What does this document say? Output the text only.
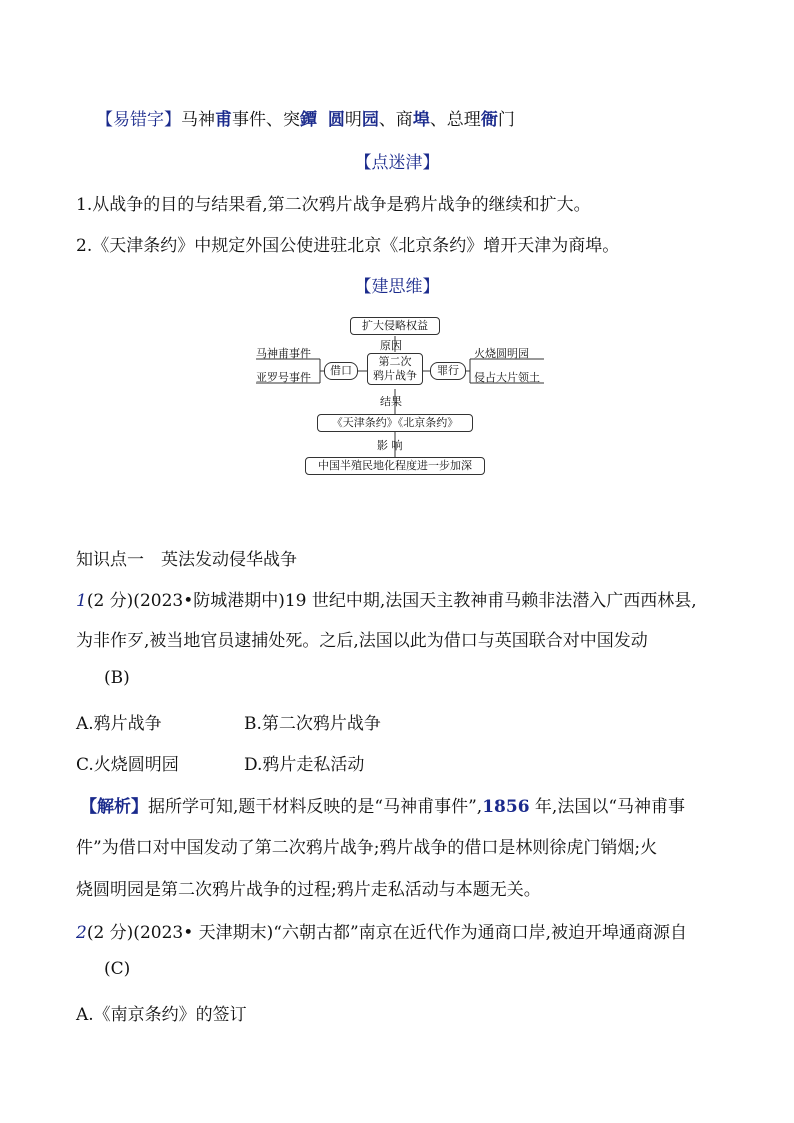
【易错字】马神甫事件、突鐔 圆明园、商埠、总理衙门
【点迷津】
1.从战争的目的与结果看,第二次鸦片战争是鸦片战争的继续和扩大。
2.《天津条约》中规定外国公使进驻北京《北京条约》增开天津为商埠。
【建思维】
扩大侵略权益
原因
第二次
鸦片战争
借口
马神甫事件
亚罗号事件
罪行
火烧圆明园
侵占大片领土
结果
《天津条约》《北京条约》
影 响
中国半殖民地化程度进一步加深
知识点一　英法发动侵华战争
1(2 分)(2023•防城港期中)19 世纪中期,法国天主教神甫马赖非法潜入广西西林县,
为非作歹,被当地官员逮捕处死。之后,法国以此为借口与英国联合对中国发动
(B)
A.鸦片战争	B.第二次鸦片战争
C.火烧圆明园	D.鸦片走私活动
【解析】据所学可知,题干材料反映的是“马神甫事件”,1856 年,法国以“马神甫事
件”为借口对中国发动了第二次鸦片战争;鸦片战争的借口是林则徐虎门销烟;火
烧圆明园是第二次鸦片战争的过程;鸦片走私活动与本题无关。
2(2 分)(2023• 天津期末)“六朝古都”南京在近代作为通商口岸,被迫开埠通商源自
(C)
A.《南京条约》的签订
